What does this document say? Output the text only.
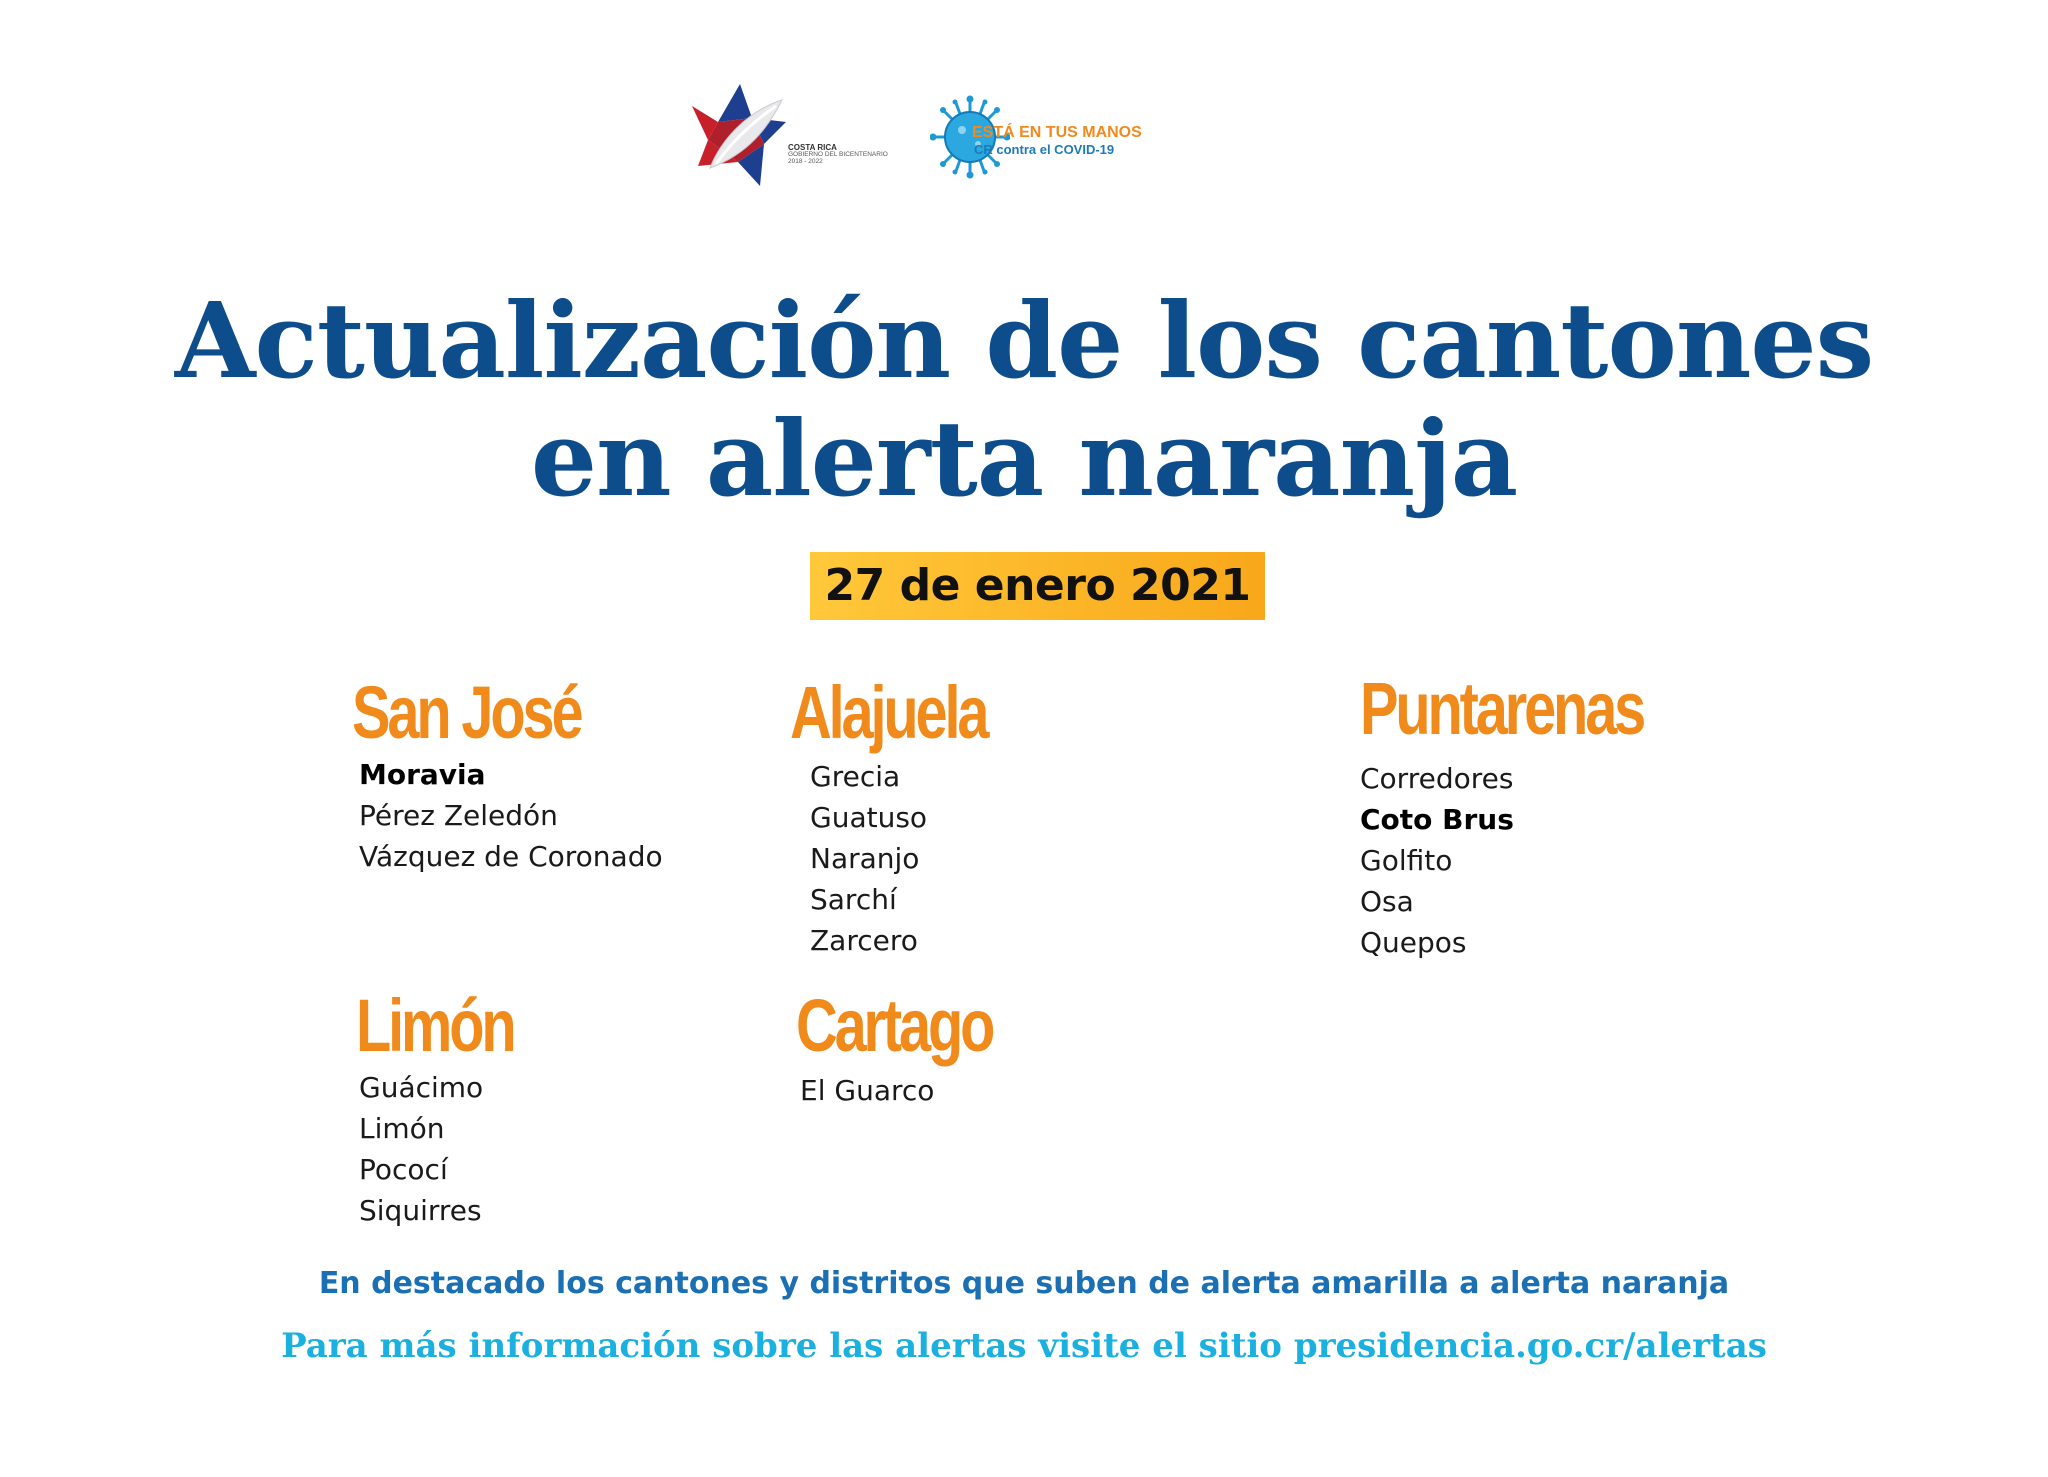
COSTA RICA
GOBIERNO DEL BICENTENARIO
2018 - 2022
ESTÁ EN TUS MANOS
CR contra el COVID-19
Actualización de los cantones
en alerta naranja
27 de enero 2021
San José
Moravia
Pérez Zeledón
Vázquez de Coronado
Alajuela
Grecia
Guatuso
Naranjo
Sarchí
Zarcero
Puntarenas
Corredores
Coto Brus
Golfito
Osa
Quepos
Limón
Guácimo
Limón
Pococí
Siquirres
Cartago
El Guarco
En destacado los cantones y distritos que suben de alerta amarilla a alerta naranja
Para más información sobre las alertas visite el sitio presidencia.go.cr/alertas
